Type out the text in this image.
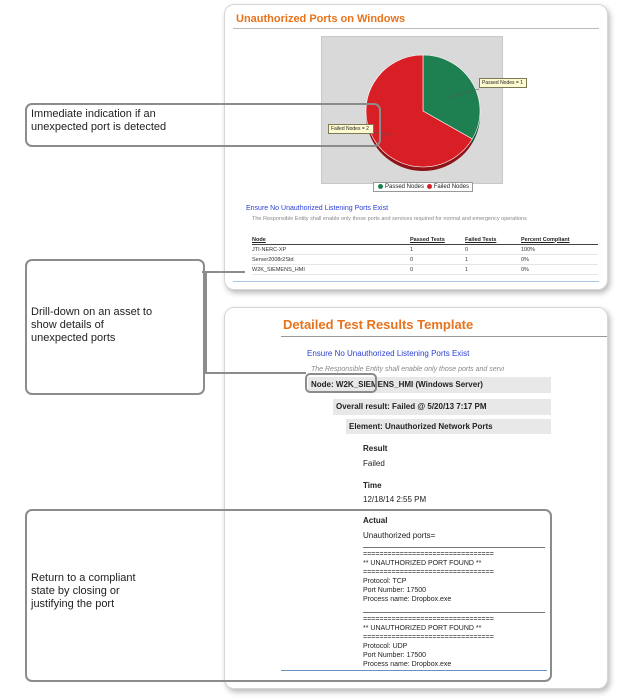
Unauthorized Ports on Windows
Passed Nodes = 1
Failed Nodes = 2
Passed Nodes Failed Nodes
Ensure No Unauthorized Listening Ports Exist
The Responsible Entity shall enable only those ports and services required for normal and emergency operations
Node	Passed Tests	Failed Tests	Percent Compliant
JTI-NERC-XP	1	0	100%
Server2008r2Std	0	1	0%
W2K_SIEMENS_HMI	0	1	0%
Detailed Test Results Template
Ensure No Unauthorized Listening Ports Exist
The Responsible Entity shall enable only those ports and servi
Node: W2K_SIEMENS_HMI (Windows Server)
Overall result: Failed @ 5/20/13 7:17 PM
Element: Unauthorized Network Ports
Result
Failed
Time
12/18/14 2:55 PM
Actual
Unauthorized ports=
================================
** UNAUTHORIZED PORT FOUND **
================================
Protocol: TCP
Port Number: 17500
Process name: Dropbox.exe
================================
** UNAUTHORIZED PORT FOUND **
================================
Protocol: UDP
Port Number: 17500
Process name: Dropbox.exe
Immediate indication if an unexpected port is detected
Drill-down on an asset to show details of unexpected ports
Return to a compliant state by closing or justifying the port
